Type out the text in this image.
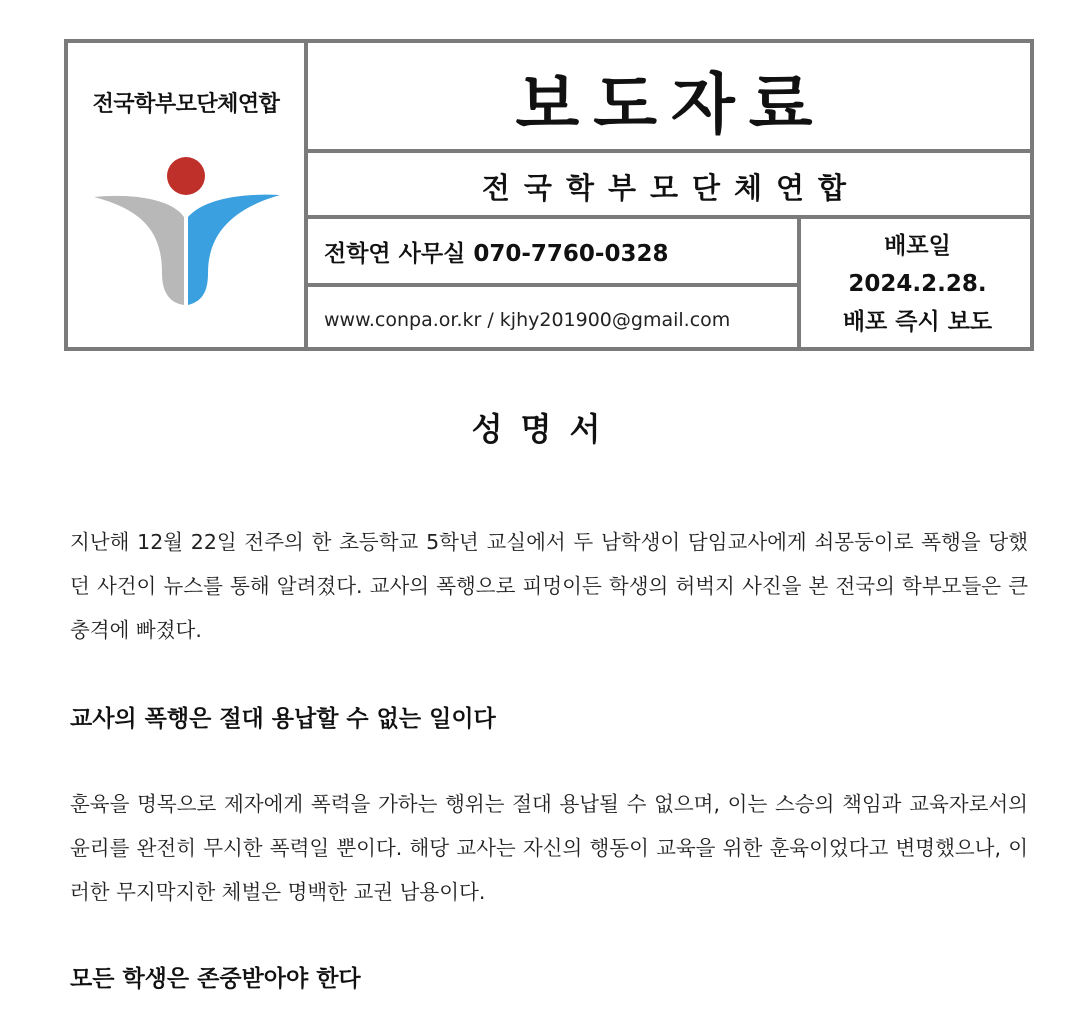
전국학부모단체연합	보도자료
전국학부모단체연합
전학연 사무실 070-7760-0328
www.conpa.or.kr / kjhy201900@gmail.com
배포일
2024.2.28.
배포 즉시 보도
성명서
지난해 12월 22일 전주의 한 초등학교 5학년 교실에서 두 남학생이 담임교사에게 쇠몽둥이로 폭행을 당했던 사건이 뉴스를 통해 알려졌다. 교사의 폭행으로 피멍이든 학생의 허벅지 사진을 본 전국의 학부모들은 큰 충격에 빠졌다.
교사의 폭행은 절대 용납할 수 없는 일이다
훈육을 명목으로 제자에게 폭력을 가하는 행위는 절대 용납될 수 없으며, 이는 스승의 책임과 교육자로서의 윤리를 완전히 무시한 폭력일 뿐이다. 해당 교사는 자신의 행동이 교육을 위한 훈육이었다고 변명했으나, 이러한 무지막지한 체벌은 명백한 교권 남용이다.
모든 학생은 존중받아야 한다
